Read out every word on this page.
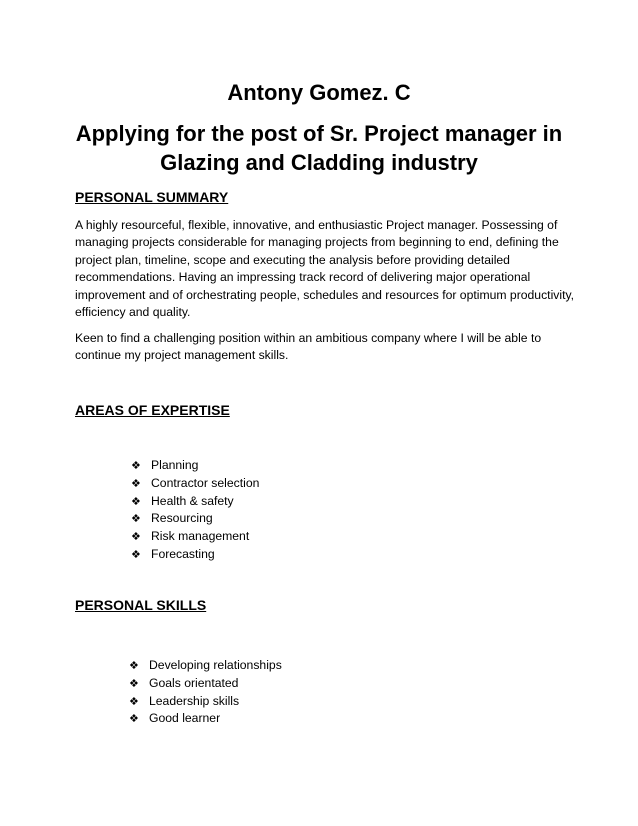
Antony Gomez. C
Applying for the post of Sr. Project manager in Glazing and Cladding industry
PERSONAL SUMMARY

A highly resourceful, flexible, innovative, and enthusiastic Project manager. Possessing of managing projects considerable for managing projects from beginning to end, defining the project plan, timeline, scope and executing the analysis before providing detailed recommendations. Having an impressing track record of delivering major operational improvement and of orchestrating people, schedules and resources for optimum productivity, efficiency and quality.

Keen to find a challenging position within an ambitious company where I will be able to continue my project management skills.

AREAS OF EXPERTISE
❖ Planning
❖ Contractor selection
❖ Health & safety
❖ Resourcing
❖ Risk management
❖ Forecasting
PERSONAL SKILLS
❖ Developing relationships
❖ Goals orientated
❖ Leadership skills
❖ Good learner
